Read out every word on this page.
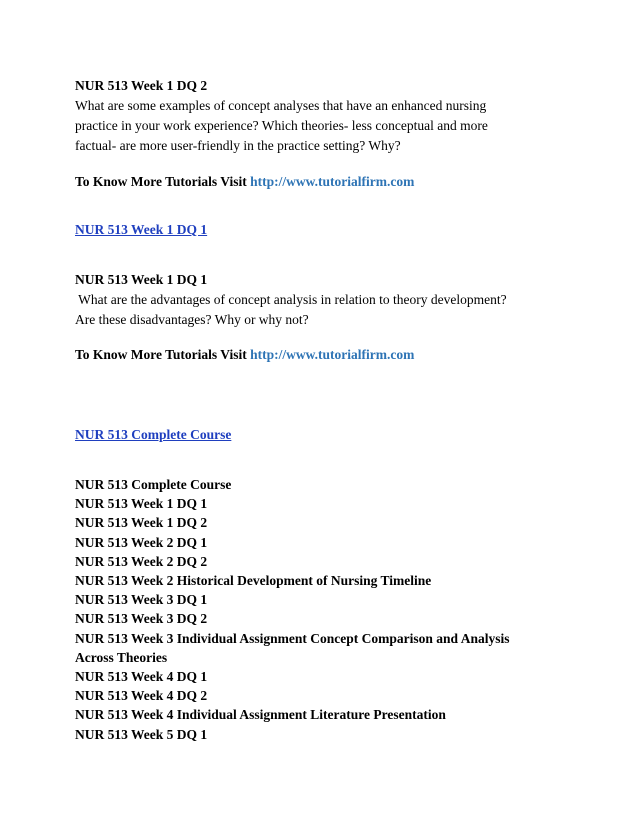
NUR 513 Week 1 DQ 2
What are some examples of concept analyses that have an enhanced nursing
practice in your work experience? Which theories- less conceptual and more
factual- are more user-friendly in the practice setting? Why?
To Know More Tutorials Visit http://www.tutorialfirm.com
NUR 513 Week 1 DQ 1
NUR 513 Week 1 DQ 1
What are the advantages of concept analysis in relation to theory development?
Are these disadvantages? Why or why not?
To Know More Tutorials Visit http://www.tutorialfirm.com
NUR 513 Complete Course
NUR 513 Complete Course
NUR 513 Week 1 DQ 1
NUR 513 Week 1 DQ 2
NUR 513 Week 2 DQ 1
NUR 513 Week 2 DQ 2
NUR 513 Week 2 Historical Development of Nursing Timeline
NUR 513 Week 3 DQ 1
NUR 513 Week 3 DQ 2
NUR 513 Week 3 Individual Assignment Concept Comparison and Analysis
Across Theories
NUR 513 Week 4 DQ 1
NUR 513 Week 4 DQ 2
NUR 513 Week 4 Individual Assignment Literature Presentation
NUR 513 Week 5 DQ 1
